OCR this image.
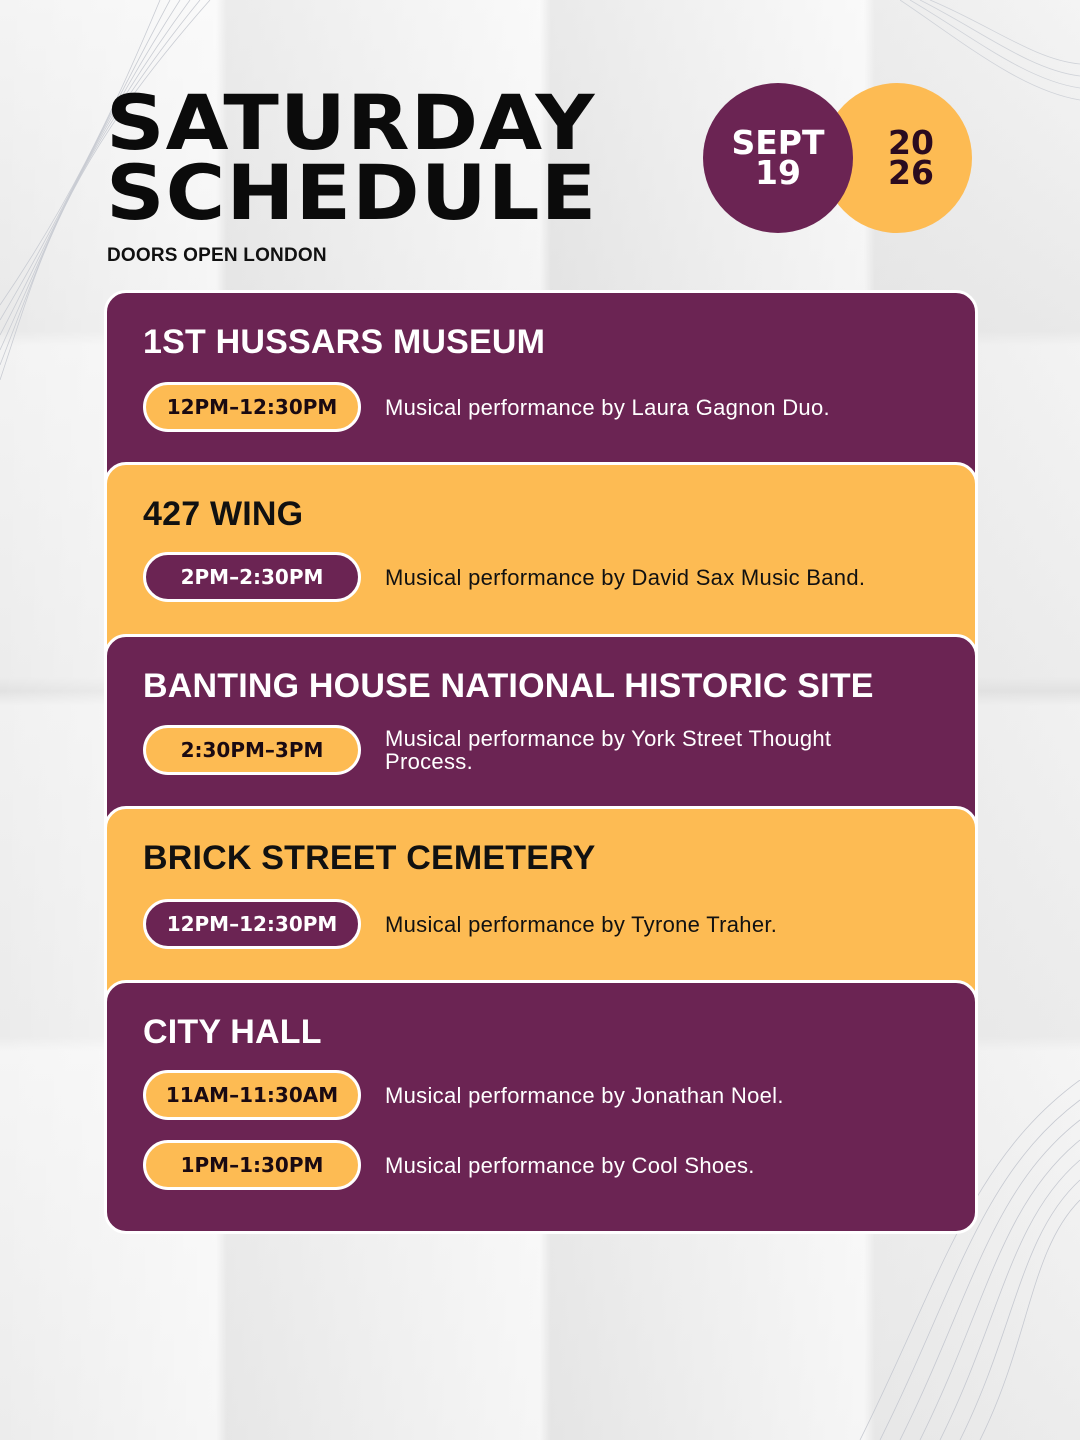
SATURDAY
SCHEDULE
DOORS OPEN LONDON
20
26
SEPT
19
1ST HUSSARS MUSEUM
12PM–12:30PM	Musical performance by Laura Gagnon Duo.
427 WING
2PM–2:30PM	Musical performance by David Sax Music Band.
BANTING HOUSE NATIONAL HISTORIC SITE
2:30PM–3PM	Musical performance by York Street Thought Process.
BRICK STREET CEMETERY
12PM–12:30PM	Musical performance by Tyrone Traher.
CITY HALL
11AM–11:30AM	Musical performance by Jonathan Noel.
1PM–1:30PM	Musical performance by Cool Shoes.
